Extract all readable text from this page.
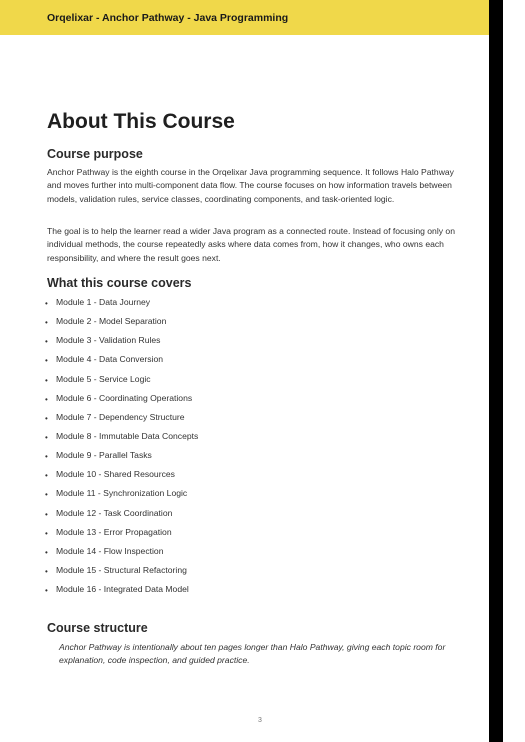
Orqelixar - Anchor Pathway - Java Programming
About This Course
Course purpose

Anchor Pathway is the eighth course in the Orqelixar Java programming sequence. It follows Halo Pathway and moves further into multi-component data flow. The course focuses on how information travels between models, validation rules, service classes, coordinating components, and task-oriented logic.

The goal is to help the learner read a wider Java program as a connected route. Instead of focusing only on individual methods, the course repeatedly asks where data comes from, how it changes, who owns each responsibility, and where the result goes next.

What this course covers
• Module 1 - Data Journey
• Module 2 - Model Separation
• Module 3 - Validation Rules
• Module 4 - Data Conversion
• Module 5 - Service Logic
• Module 6 - Coordinating Operations
• Module 7 - Dependency Structure
• Module 8 - Immutable Data Concepts
• Module 9 - Parallel Tasks
• Module 10 - Shared Resources
• Module 11 - Synchronization Logic
• Module 12 - Task Coordination
• Module 13 - Error Propagation
• Module 14 - Flow Inspection
• Module 15 - Structural Refactoring
• Module 16 - Integrated Data Model
Course structure

Anchor Pathway is intentionally about ten pages longer than Halo Pathway, giving each topic room for explanation, code inspection, and guided practice.

3
